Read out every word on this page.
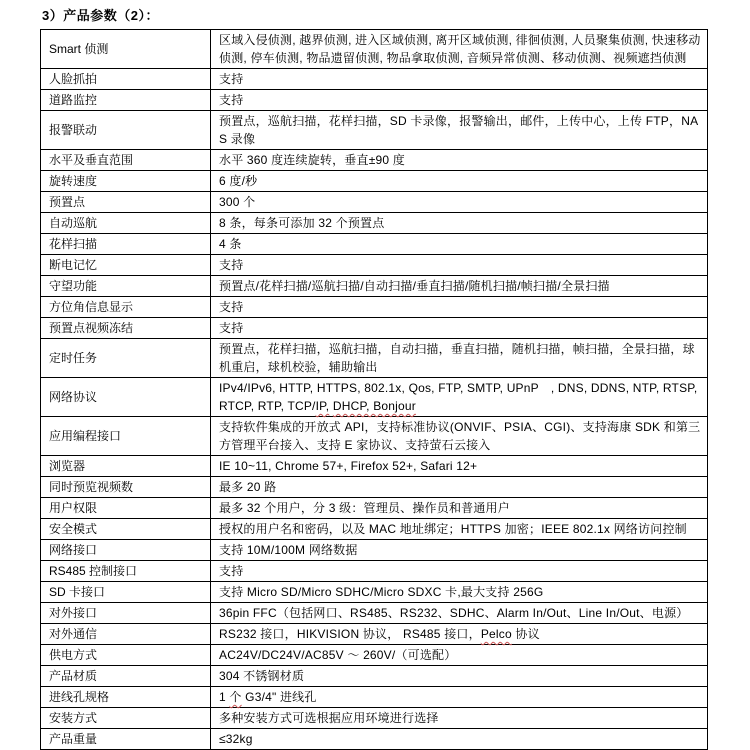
3）产品参数（2）：
Smart 侦测	区域入侵侦测, 越界侦测, 进入区域侦测, 离开区域侦测, 徘徊侦测, 人员聚集侦测, 快速移动侦测, 停车侦测, 物品遗留侦测, 物品拿取侦测, 音频异常侦测、移动侦测、视频遮挡侦测
人脸抓拍	支持
道路监控	支持
报警联动	预置点，巡航扫描，花样扫描，SD 卡录像，报警输出，邮件，上传中心，上传 FTP，NAS 录像
水平及垂直范围	水平 360 度连续旋转，垂直±90 度
旋转速度	6 度/秒
预置点	300 个
自动巡航	8 条，每条可添加 32 个预置点
花样扫描	4 条
断电记忆	支持
守望功能	预置点/花样扫描/巡航扫描/自动扫描/垂直扫描/随机扫描/帧扫描/全景扫描
方位角信息显示	支持
预置点视频冻结	支持
定时任务	预置点，花样扫描，巡航扫描，自动扫描，垂直扫描，随机扫描，帧扫描，全景扫描，球机重启，球机校验，辅助输出
网络协议	IPv4/IPv6, HTTP, HTTPS, 802.1x, Qos, FTP, SMTP, UPnP　, DNS, DDNS, NTP, RTSP, RTCP, RTP, TCP/IP, DHCP, Bonjour
应用编程接口	支持软件集成的开放式 API，支持标准协议(ONVIF、PSIA、CGI)、支持海康 SDK 和第三方管理平台接入、支持 E 家协议、支持萤石云接入
浏览器	IE 10~11, Chrome 57+, Firefox 52+, Safari 12+
同时预览视频数	最多 20 路
用户权限	最多 32 个用户，分 3 级：管理员、操作员和普通用户
安全模式	授权的用户名和密码，以及 MAC 地址绑定；HTTPS 加密；IEEE 802.1x 网络访问控制
网络接口	支持 10M/100M 网络数据
RS485 控制接口	支持
SD 卡接口	支持 Micro SD/Micro SDHC/Micro SDXC 卡,最大支持 256G
对外接口	36pin FFC（包括网口、RS485、RS232、SDHC、Alarm In/Out、Line In/Out、电源）
对外通信	RS232 接口，HIKVISION 协议， RS485 接口，Pelco 协议
供电方式	AC24V/DC24V/AC85V ～ 260V/（可选配）
产品材质	304 不锈钢材质
进线孔规格	1 个 G3/4" 进线孔
安装方式	多种安装方式可选根据应用环境进行选择
产品重量	≤32kg
